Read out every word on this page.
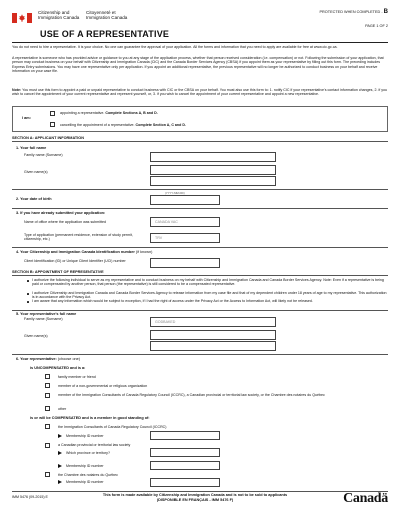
Citizenship and
Immigration Canada
Citoyenneté et
Immigration Canada
PROTECTED WHEN COMPLETED - B
PAGE 1 OF 2
USE OF A REPRESENTATIVE
You do not need to hire a representative. It is your choice. No one can guarantee the approval of your application. All the forms and information that you need to apply are available for free at www.cic.gc.ca.
A representative is someone who has provided advice or guidance to you at any stage of the application process, whether that person received consideration (i.e. compensation) or not. Following the submission of your application, that person may conduct business on your behalf with Citizenship and Immigration Canada (CIC) and the Canada Border Services Agency (CBSA) if you appoint them as your representative by filling out this form. The preceding includes Express Entry submissions. You may have one representative only per application. If you appoint an additional representative, the previous representative will no longer be authorized to conduct business on your behalf and receive information on your case file.
Note: You must use this form to appoint a paid or unpaid representative to conduct business with CIC or the CBSA on your behalf. You must also use this form to: 1. notify CIC if your representative's contact information changes, 2. if you wish to cancel the appointment of your current representative and represent yourself, or, 3. if you wish to cancel the appointment of your current representative and appoint a new representative.
I am:
appointing a representative. Complete Sections A, B and D.
cancelling the appointment of a representative. Complete Section A, C and D.
SECTION A: APPLICANT INFORMATION
1. Your full name
Family name (Surname)
Given name(s)
2. Your date of birth
(YYYY-MM-DD)
3. If you have already submitted your application:
Name of office where the application was submitted	CANADA VAC
Type of application (permanent residence, extension of study permit, citizenship, etc.)	TRV
4. Your Citizenship and Immigration Canada Identification number (if known)
Client Identification (ID) or Unique Client Identifier (UCI) number
SECTION B: APPOINTMENT OF REPRESENTATIVE
I authorize the following individual to serve as my representative and to conduct business on my behalf with Citizenship and Immigration Canada and Canada Border Services Agency. Note: Even if a representative is being paid or compensated by another person, that person (the representative) is still considered to be a compensated representative.
I authorize Citizenship and Immigration Canada and Canada Border Services Agency to release information from my case file and that of my dependent children under 18 years of age to my representative. This authorization is in accordance with the Privacy Act.
I am aware that any information which would be subject to exception, if I had the right of access under the Privacy Act or the Access to Information Act, will likely not be released.
5. Your representative's full name
Family name (Surname)
GODBAKED
Given name(s)
6. Your representative: (choose one)
is UNCOMPENSATED and is a:
family member or friend
member of a non-governmental or religious organization
member of the Immigration Consultants of Canada Regulatory Council (ICCRC), a Canadian provincial or territorial law society, or the Chambre des notaires du Québec
other
is or will be COMPENSATED and is a member in good standing of:
the Immigration Consultants of Canada Regulatory Council (ICCRC)
Membership ID number
a Canadian provincial or territorial law society
Which province or territory?
Membership ID number
the Chambre des notaires du Québec
Membership ID number
IMM 5476 (09-2015) E	This form is made available by Citizenship and Immigration Canada and is not to be sold to applicants
(DISPONIBLE EN FRANÇAIS - IMM 5476 F)	Canadä
